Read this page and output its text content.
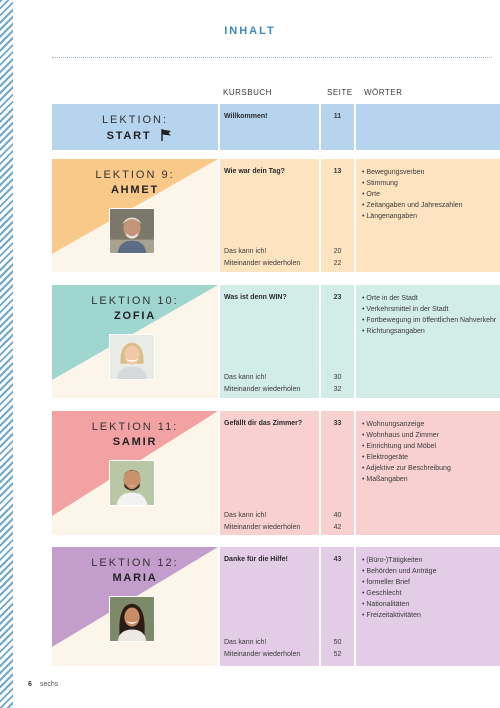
INHALT
KURSBUCH	SEITE WÖRTER
LEKTION:
START
Willkommen!	11
LEKTION 9:
AHMET
Wie war dein Tag?
Das kann ich!
Miteinander wiederholen
13
20
22
• Bewegungsverben
• Stimmung
• Orte
• Zeitangaben und Jahreszahlen
• Längenangaben
LEKTION 10:
ZOFIA
Was ist denn WIN?
Das kann ich!
Miteinander wiederholen
23
30
32
• Orte in der Stadt
• Verkehrsmittel in der Stadt
• Fortbewegung im öffentlichen Nahverkehr
• Richtungsangaben
LEKTION 11:
SAMIR
Gefällt dir das Zimmer?
Das kann ich!
Miteinander wiederholen
33
40
42
• Wohnungsanzeige
• Wohnhaus und Zimmer
• Einrichtung und Möbel
• Elektrogeräte
• Adjektive zur Beschreibung
• Maßangaben
LEKTION 12:
MARIA
Danke für die Hilfe!
Das kann ich!
Miteinander wiederholen
43
50
52
• (Büro-)Tätigkeiten
• Behörden und Anträge
• formeller Brief
• Geschlecht
• Nationalitäten
• Freizeitaktivitäten
6 sechs
